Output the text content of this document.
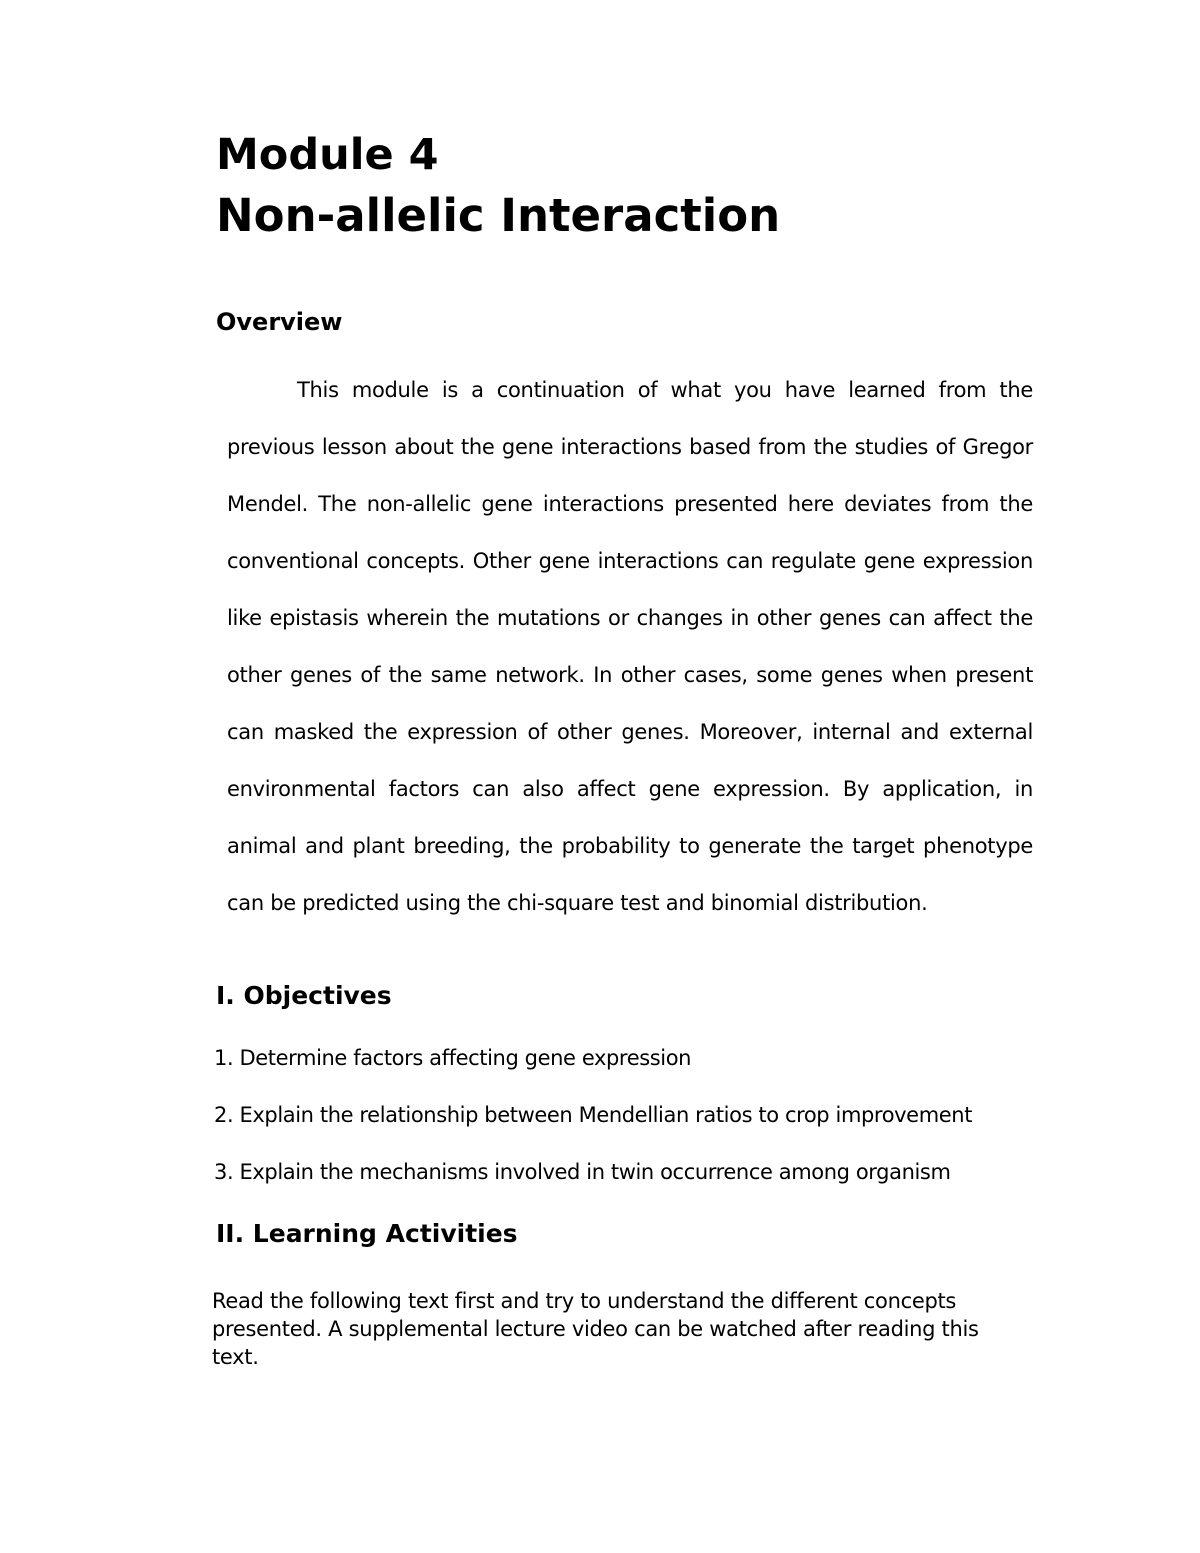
Module 4
Non-allelic Interaction
Overview

This module is a continuation of what you have learned from the previous lesson about the gene interactions based from the studies of Gregor Mendel. The non-allelic gene interactions presented here deviates from the conventional concepts. Other gene interactions can regulate gene expression like epistasis wherein the mutations or changes in other genes can affect the other genes of the same network. In other cases, some genes when present can masked the expression of other genes. Moreover, internal and external environmental factors can also affect gene expression. By application, in animal and plant breeding, the probability to generate the target phenotype can be predicted using the chi-square test and binomial distribution.

I. Objectives
1. Determine factors affecting gene expression
2. Explain the relationship between Mendellian ratios to crop improvement
3. Explain the mechanisms involved in twin occurrence among organism
II. Learning Activities

Read the following text first and try to understand the different concepts presented. A supplemental lecture video can be watched after reading this text.
